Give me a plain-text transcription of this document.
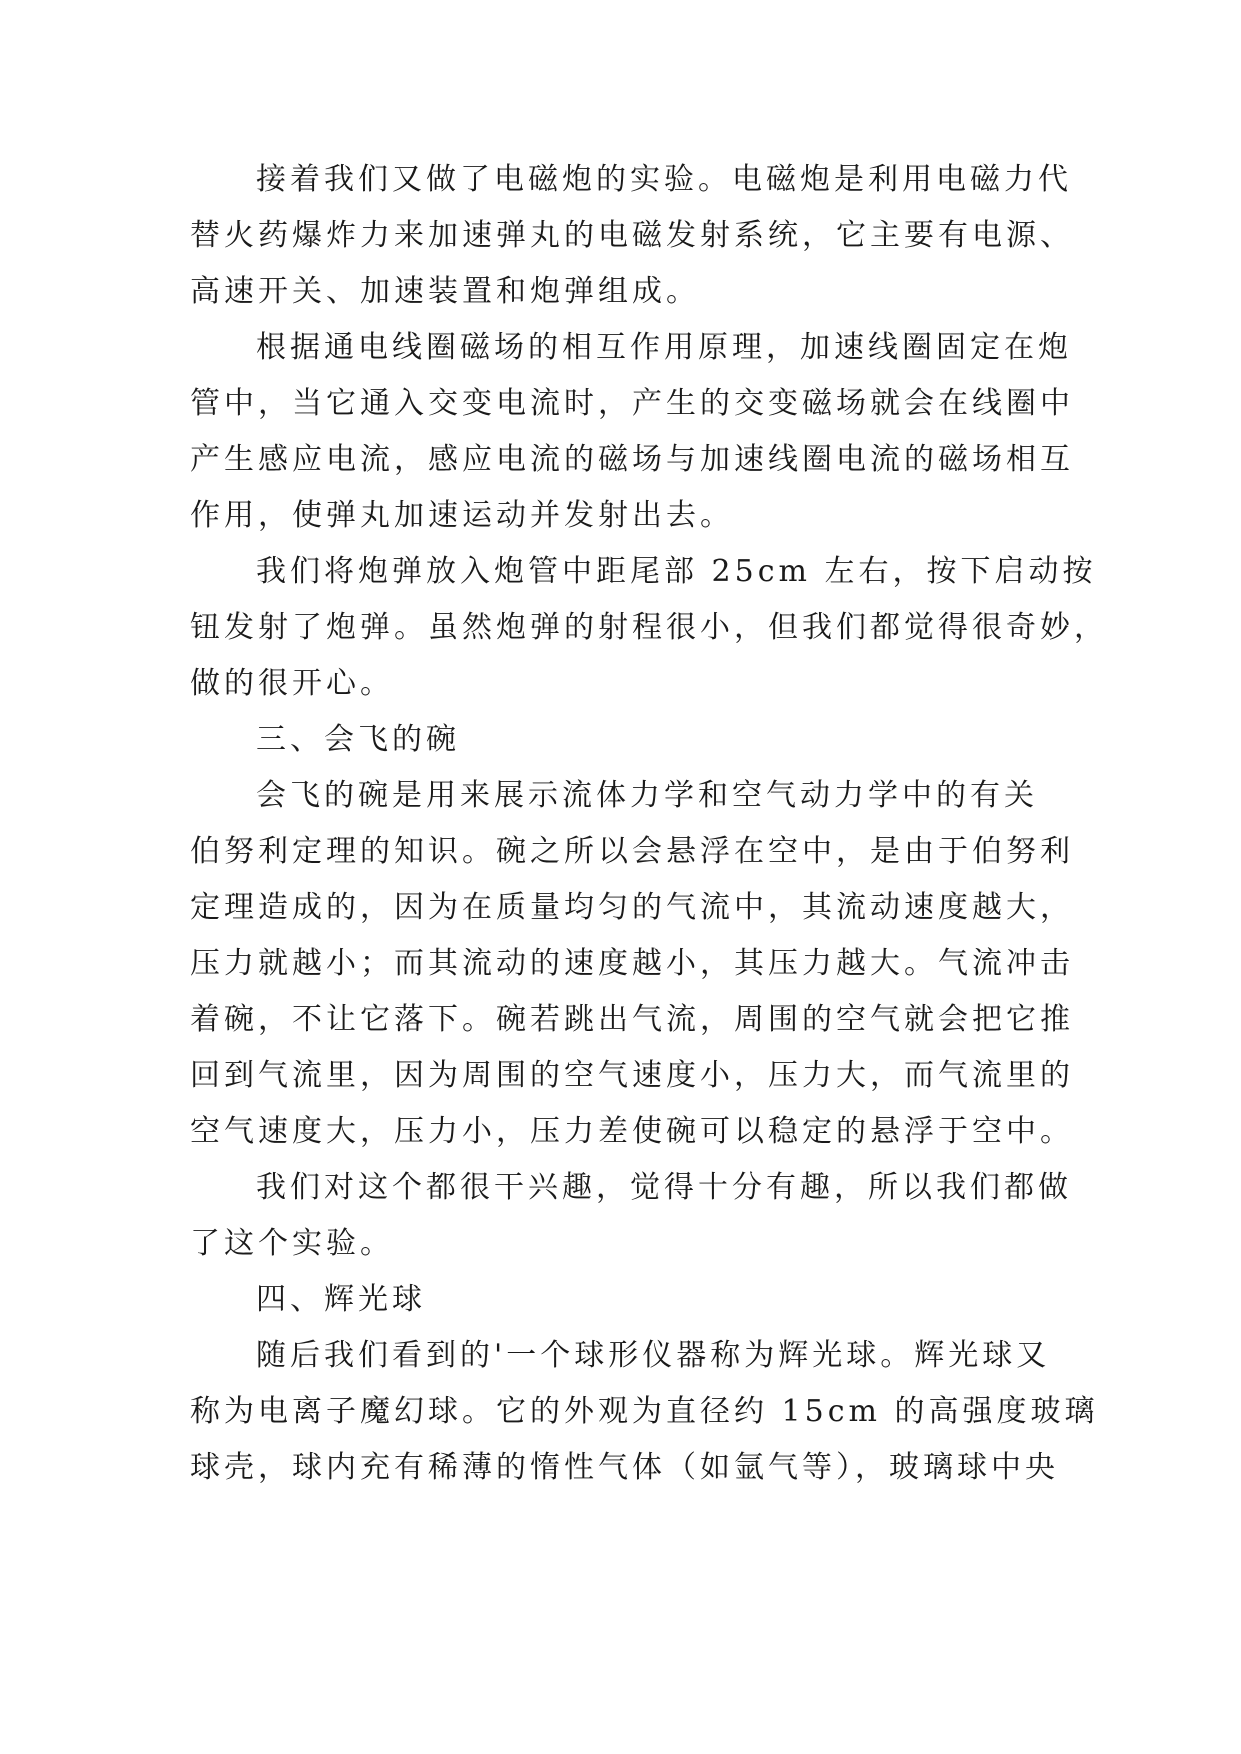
接着我们又做了电磁炮的实验。电磁炮是利用电磁力代
替火药爆炸力来加速弹丸的电磁发射系统，它主要有电源、
高速开关、加速装置和炮弹组成。
根据通电线圈磁场的相互作用原理，加速线圈固定在炮
管中，当它通入交变电流时，产生的交变磁场就会在线圈中
产生感应电流，感应电流的磁场与加速线圈电流的磁场相互
作用，使弹丸加速运动并发射出去。
我们将炮弹放入炮管中距尾部 25cm 左右，按下启动按
钮发射了炮弹。虽然炮弹的射程很小，但我们都觉得很奇妙，
做的很开心。
三、会飞的碗
会飞的碗是用来展示流体力学和空气动力学中的有关
伯努利定理的知识。碗之所以会悬浮在空中，是由于伯努利
定理造成的，因为在质量均匀的气流中，其流动速度越大，
压力就越小；而其流动的速度越小，其压力越大。气流冲击
着碗，不让它落下。碗若跳出气流，周围的空气就会把它推
回到气流里，因为周围的空气速度小，压力大，而气流里的
空气速度大，压力小，压力差使碗可以稳定的悬浮于空中。
我们对这个都很干兴趣，觉得十分有趣，所以我们都做
了这个实验。
四、辉光球
随后我们看到的'一个球形仪器称为辉光球。辉光球又
称为电离子魔幻球。它的外观为直径约 15cm 的高强度玻璃
球壳，球内充有稀薄的惰性气体（如氩气等），玻璃球中央
